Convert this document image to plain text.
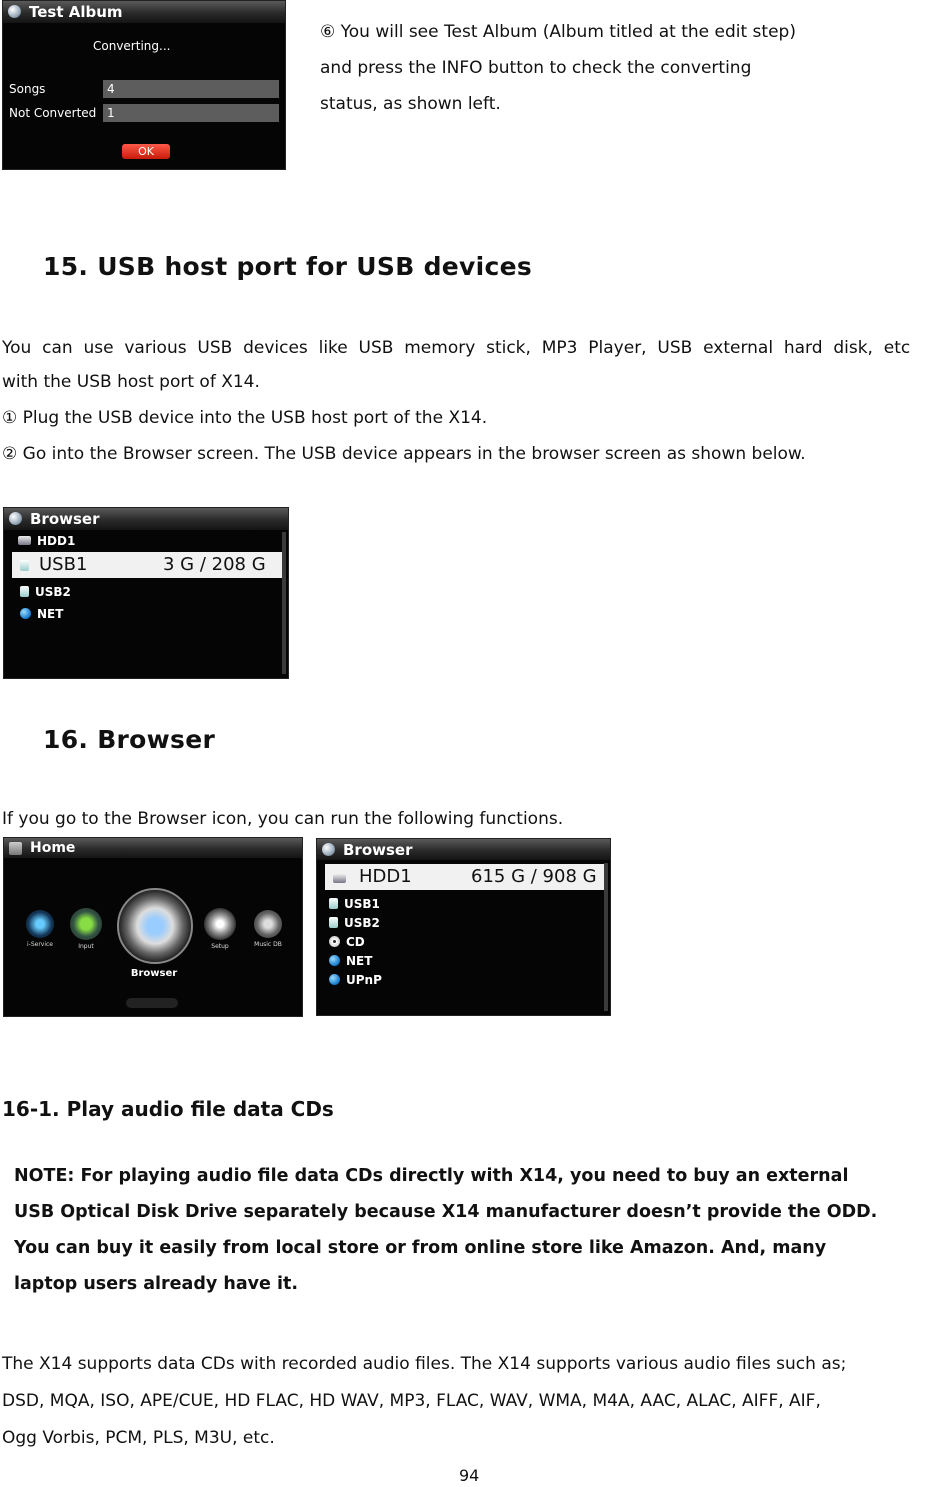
Test Album
Converting...
Songs	4
Not Converted 1
OK
⑥ You will see Test Album (Album titled at the edit step)
and press the INFO button to check the converting
status, as shown left.
15. USB host port for USB devices
You  can  use  various  USB  devices  like  USB  memory  stick,  MP3  Player,  USB  external  hard  disk,  etc
with the USB host port of X14.
① Plug the USB device into the USB host port of the X14.
② Go into the Browser screen. The USB device appears in the browser screen as shown below.
Browser
HDD1
USB1	3 G / 208 G
USB2
NET
16. Browser
If you go to the Browser icon, you can run the following functions.
Home
i-Service	Input
Browser
Setup	Music DB
Browser
HDD1	615 G / 908 G
USB1
USB2
CD
NET
UPnP
16-1. Play audio file data CDs
NOTE: For playing audio file data CDs directly with X14, you need to buy an external
USB Optical Disk Drive separately because X14 manufacturer doesn’t provide the ODD.
You can buy it easily from local store or from online store like Amazon. And, many
laptop users already have it.
The X14 supports data CDs with recorded audio files. The X14 supports various audio files such as;
DSD, MQA, ISO, APE/CUE, HD FLAC, HD WAV, MP3, FLAC, WAV, WMA, M4A, AAC, ALAC, AIFF, AIF,
Ogg Vorbis, PCM, PLS, M3U, etc.
94
